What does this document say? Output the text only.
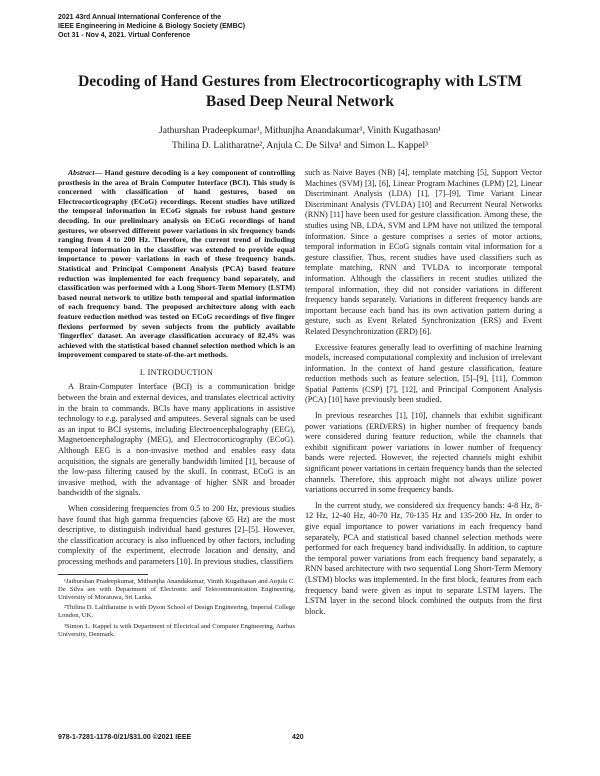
2021 43rd Annual International Conference of the
IEEE Engineering in Medicine & Biology Society (EMBC)
Oct 31 - Nov 4, 2021. Virtual Conference
Decoding of Hand Gestures from Electrocorticography with LSTM
Based Deep Neural Network
Jathurshan Pradeepkumar¹, Mithunjha Anandakumar¹, Vinith Kugathasan¹
Thilina D. Lalitharatne², Anjula C. De Silva¹ and Simon L. Kappel³

Abstract— Hand gesture decoding is a key component of controlling prosthesis in the area of Brain Computer Interface (BCI). This study is concerned with classification of hand gestures, based on Electrocorticography (ECoG) recordings. Recent studies have utilized the temporal information in ECoG signals for robust hand gesture decoding. In our preliminary analysis on ECoG recordings of hand gestures, we observed different power variations in six frequency bands ranging from 4 to 200 Hz. Therefore, the current trend of including temporal information in the classifier was extended to provide equal importance to power variations in each of these frequency bands. Statistical and Principal Component Analysis (PCA) based feature reduction was implemented for each frequency band separately, and classification was performed with a Long Short-Term Memory (LSTM) based neural network to utilize both temporal and spatial information of each frequency band. The proposed architecture along with each feature reduction method was tested on ECoG recordings of five finger flexions performed by seven subjects from the publicly available 'fingerflex' dataset. An average classification accuracy of 82.4% was achieved with the statistical based channel selection method which is an improvement compared to state-of-the-art methods.

I. INTRODUCTION

A Brain-Computer Interface (BCI) is a communication bridge between the brain and external devices, and translates electrical activity in the brain to commands. BCIs have many applications in assistive technology to e.g. paralysed and amputees. Several signals can be used as an input to BCI systems, including Electroencephalography (EEG), Magnetoencephalography (MEG), and Electrocorticography (ECoG). Although EEG is a non-invasive method and enables easy data acquisition, the signals are generally bandwidth limited [1], because of the low-pass filtering caused by the skull. In contrast, ECoG is an invasive method, with the advantage of higher SNR and broader bandwidth of the signals.

When considering frequencies from 0.5 to 200 Hz, previous studies have found that high gamma frequencies (above 65 Hz) are the most descriptive, to distinguish individual hand gestures [2]–[5]. However, the classification accuracy is also influenced by other factors, including complexity of the experiment, electrode location and density, and processing methods and parameters [10]. In previous studies, classifiers

¹Jathurshan Pradeepkumar, Mithunjha Anandakumar, Vinith Kugathasan and Anjula C. De Silva are with Department of Electronic and Telecommunication Engineering, University of Moratuwa, Sri Lanka.

²Thilina D. Lalitharatne is with Dyson School of Design Engineering, Imperial College London, UK.

³Simon L. Kappel is with Department of Electrical and Computer Engineering, Aarhus University, Denmark.

such as Naive Bayes (NB) [4], template matching [5], Support Vector Machines (SVM) [3], [6], Linear Program Machines (LPM) [2], Linear Discriminant Analysis (LDA) [1], [7]–[9], Time Variant Linear Discriminant Analysis (TVLDA) [10] and Recurrent Neural Networks (RNN) [11] have been used for gesture classification. Among these, the studies using NB, LDA, SVM and LPM have not utilized the temporal information. Since a gesture comprises a series of motor actions, temporal information in ECoG signals contain vital information for a gesture classifier. Thus, recent studies have used classifiers such as template matching, RNN and TVLDA to incorporate temporal information. Although the classifiers in recent studies utilized the temporal information, they did not consider variations in different frequency bands separately. Variations in different frequency bands are important because each band has its own activation pattern during a gesture, such as Event Related Synchronization (ERS) and Event Related Desynchronization (ERD) [6].

Excessive features generally lead to overfitting of machine learning models, increased computational complexity and inclusion of irrelevant information. In the context of hand gesture classification, feature reduction methods such as feature selection, [5]–[9], [11], Common Spatial Patterns (CSP) [7], [12], and Principal Component Analysis (PCA) [10] have previously been studied.

In previous researches [1], [10], channels that exhibit significant power variations (ERD/ERS) in higher number of frequency bands were considered during feature reduction, while the channels that exhibit significant power variations in lower number of frequency bands were rejected. However, the rejected channels might exhibit significant power variations in certain frequency bands than the selected channels. Therefore, this approach might not always utilize power variations occurred in some frequency bands.

In the current study, we considered six frequency bands: 4-8 Hz, 8-12 Hz, 12-40 Hz, 40-70 Hz, 70-135 Hz and 135-200 Hz. In order to give equal importance to power variations in each frequency band separately, PCA and statistical based channel selection methods were performed for each frequency band individually. In addition, to capture the temporal power variations from each frequency band separately, a RNN based architecture with two sequential Long Short-Term Memory (LSTM) blocks was implemented. In the first block, features from each frequency band were given as input to separate LSTM layers. The LSTM layer in the second block combined the outputs from the first block.

978-1-7281-1178-0/21/$31.00 ©2021 IEEE	420
